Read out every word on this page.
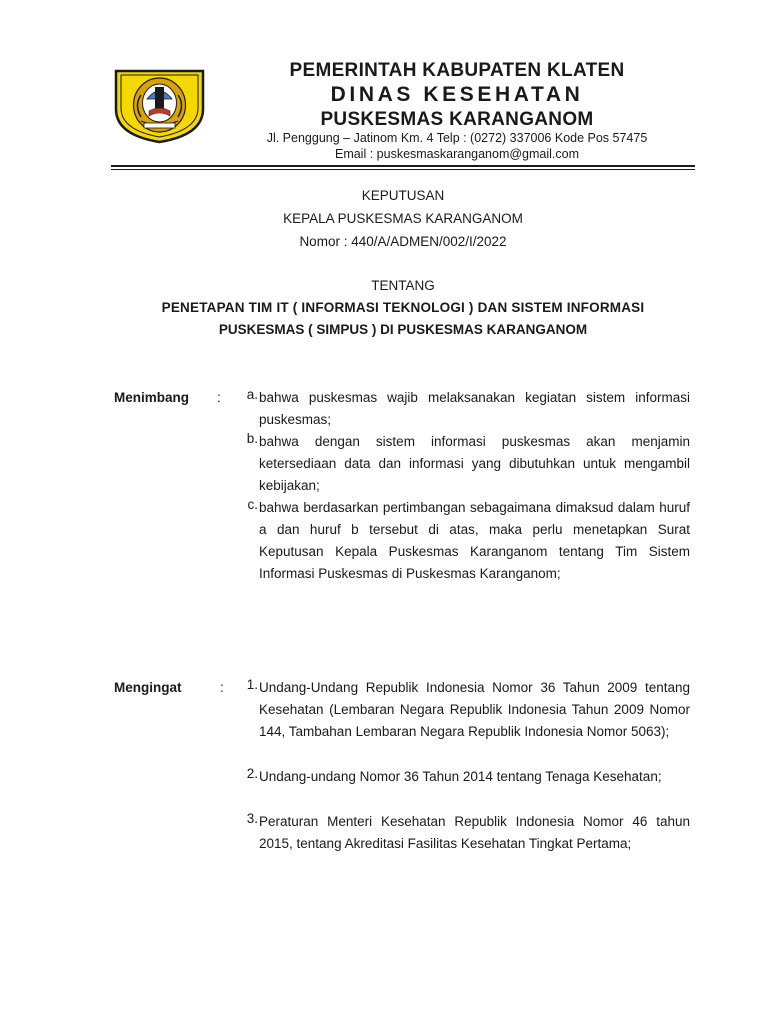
PEMERINTAH KABUPATEN KLATEN
DINAS KESEHATAN
PUSKESMAS KARANGANOM
Jl. Penggung – Jatinom Km. 4 Telp : (0272) 337006 Kode Pos 57475
Email : puskesmaskaranganom@gmail.com
KEPUTUSAN
KEPALA PUSKESMAS KARANGANOM
Nomor : 440/A/ADMEN/002/I/2022
TENTANG
PENETAPAN TIM IT ( INFORMASI TEKNOLOGI ) DAN SISTEM INFORMASI
PUSKESMAS ( SIMPUS ) DI PUSKESMAS KARANGANOM
Menimbang :	a. bahwa puskesmas wajib melaksanakan kegiatan sistem informasi puskesmas;
b. bahwa dengan sistem informasi puskesmas akan menjamin ketersediaan data dan informasi yang dibutuhkan untuk mengambil kebijakan;
c. bahwa berdasarkan pertimbangan sebagaimana dimaksud dalam huruf a dan huruf b tersebut di atas, maka perlu menetapkan Surat Keputusan Kepala Puskesmas Karanganom tentang Tim Sistem Informasi Puskesmas di Puskesmas Karanganom;
Mengingat	:	1. Undang-Undang Republik Indonesia Nomor 36 Tahun 2009 tentang Kesehatan (Lembaran Negara Republik Indonesia Tahun 2009 Nomor 144, Tambahan Lembaran Negara Republik Indonesia Nomor 5063);
2. Undang-undang Nomor 36 Tahun 2014 tentang Tenaga Kesehatan;
3. Peraturan Menteri Kesehatan Republik Indonesia Nomor 46 tahun 2015, tentang Akreditasi Fasilitas Kesehatan Tingkat Pertama;
